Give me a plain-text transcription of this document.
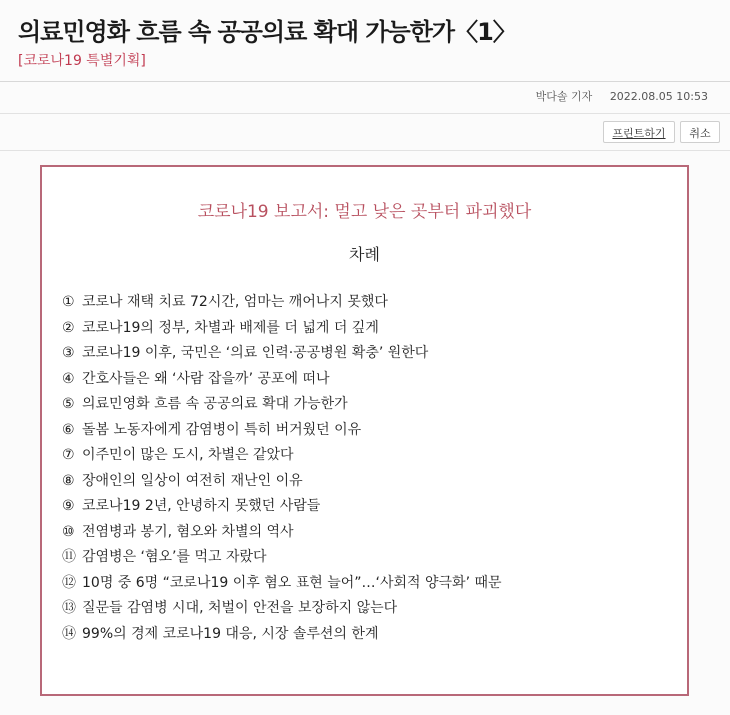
의료민영화 흐름 속 공공의료 확대 가능한가〈1〉
[코로나19 특별기획]
박다솔 기자 2022.08.05 10:53
프린트하기	취소
코로나19 보고서: 멀고 낮은 곳부터 파괴했다
차례
① 코로나 재택 치료 72시간, 엄마는 깨어나지 못했다
② 코로나19의 정부, 차별과 배제를 더 넓게 더 깊게
③ 코로나19 이후, 국민은 ‘의료 인력·공공병원 확충’ 원한다
④ 간호사들은 왜 ‘사람 잡을까’ 공포에 떠나
⑤ 의료민영화 흐름 속 공공의료 확대 가능한가
⑥ 돌봄 노동자에게 감염병이 특히 버거웠던 이유
⑦ 이주민이 많은 도시, 차별은 같았다
⑧ 장애인의 일상이 여전히 재난인 이유
⑨ 코로나19 2년, 안녕하지 못했던 사람들
⑩ 전염병과 봉기, 혐오와 차별의 역사
⑪ 감염병은 ‘혐오’를 먹고 자랐다
⑫ 10명 중 6명 “코로나19 이후 혐오 표현 늘어”…‘사회적 양극화’ 때문
⑬ 질문들 감염병 시대, 처벌이 안전을 보장하지 않는다
⑭ 99%의 경제 코로나19 대응, 시장 솔루션의 한계
